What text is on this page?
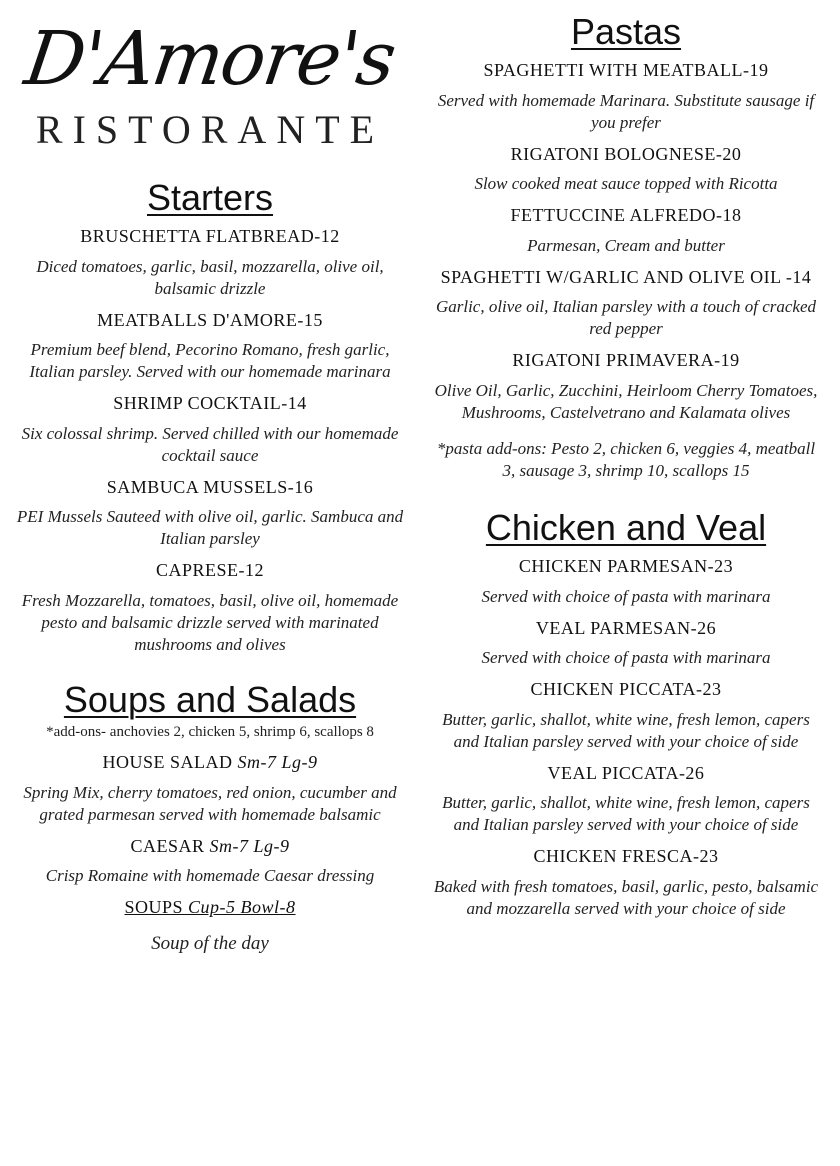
D'Amore's
RISTORANTE
Starters
BRUSCHETTA FLATBREAD-12
Diced tomatoes, garlic, basil, mozzarella, olive oil, balsamic drizzle
MEATBALLS D'AMORE-15
Premium beef blend, Pecorino Romano, fresh garlic, Italian parsley. Served with our homemade marinara
SHRIMP COCKTAIL-14
Six colossal shrimp. Served chilled with our homemade cocktail sauce
SAMBUCA MUSSELS-16
PEI Mussels Sauteed with olive oil, garlic. Sambuca and Italian parsley
CAPRESE-12
Fresh Mozzarella, tomatoes, basil, olive oil, homemade pesto and balsamic drizzle served with marinated mushrooms and olives
Soups and Salads
*add-ons- anchovies 2, chicken 5, shrimp 6, scallops 8
HOUSE SALAD Sm-7 Lg-9
Spring Mix, cherry tomatoes, red onion, cucumber and grated parmesan served with homemade balsamic
CAESAR Sm-7 Lg-9
Crisp Romaine with homemade Caesar dressing
SOUPS Cup-5 Bowl-8
Soup of the day
Pastas
SPAGHETTI WITH MEATBALL-19
Served with homemade Marinara. Substitute sausage if you prefer
RIGATONI BOLOGNESE-20
Slow cooked meat sauce topped with Ricotta
FETTUCCINE ALFREDO-18
Parmesan, Cream and butter
SPAGHETTI W/GARLIC AND OLIVE OIL -14
Garlic, olive oil, Italian parsley with a touch of cracked red pepper
RIGATONI PRIMAVERA-19
Olive Oil, Garlic, Zucchini, Heirloom Cherry Tomatoes, Mushrooms, Castelvetrano and Kalamata olives
*pasta add-ons: Pesto 2, chicken 6, veggies 4, meatball 3, sausage 3, shrimp 10, scallops 15
Chicken and Veal
CHICKEN PARMESAN-23
Served with choice of pasta with marinara
VEAL PARMESAN-26
Served with choice of pasta with marinara
CHICKEN PICCATA-23
Butter, garlic, shallot, white wine, fresh lemon, capers and Italian parsley served with your choice of side
VEAL PICCATA-26
Butter, garlic, shallot, white wine, fresh lemon, capers and Italian parsley served with your choice of side
CHICKEN FRESCA-23
Baked with fresh tomatoes, basil, garlic, pesto, balsamic and mozzarella served with your choice of side
